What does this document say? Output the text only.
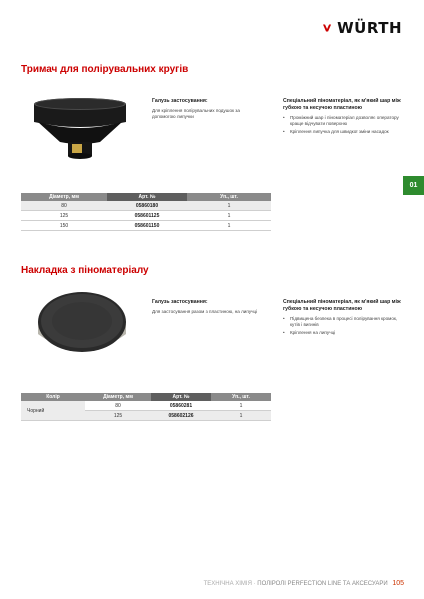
WÜRTH
Тримач для полірувальних кругів
Галузь застосування:
Для кріплення полірувальних подушок за допомогою липучки
Спеціальний піноматеріал, як м'який шар між губкою та несучою пластиною
• Проміжний шар і піноматеріал дозволяє оператору краще відчувати поверхню
• Кріплення липучка для швидкої зміни насадок
Діаметр, мм	Арт. №	Уп., шт.
80	05860180	1
125	058601125	1
150	058601150	1
01
Накладка з піноматеріалу
Галузь застосування:
Для застосування разом з пластиною, на липучці
Спеціальний піноматеріал, як м'який шар між губкою та несучою пластиною
• Підвищена безпека в процесі полірування кромок, кутів і вигинів
• Кріплення на липучці
Колір	Діаметр, мм	Арт. №	Уп., шт.
Чорний	80	05860281	1
	125	058602126	1
ТЕХНІЧНА ХІМІЯ · ПОЛІРОЛІ PERFECTION LINE ТА АКСЕСУАРИ 105
